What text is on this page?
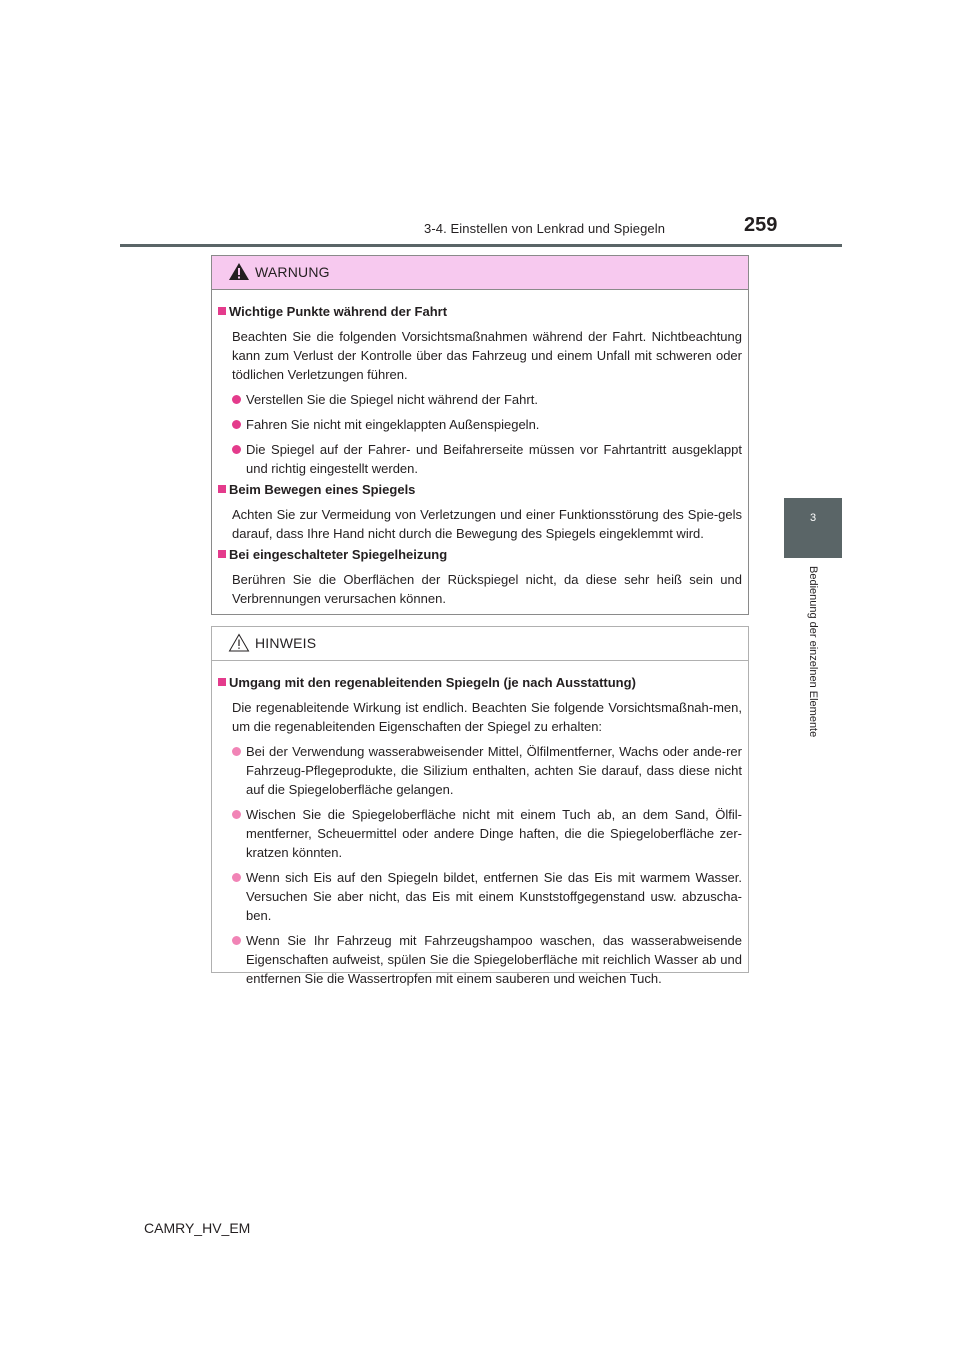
3-4. Einstellen von Lenkrad und Spiegeln	259
3
Bedienung der einzelnen Elemente
WARNUNG
Wichtige Punkte während der Fahrt
Beachten Sie die folgenden Vorsichtsmaßnahmen während der Fahrt. Nichtbeachtung kann zum Verlust der Kontrolle über das Fahrzeug und einem Unfall mit schweren oder tödlichen Verletzungen führen.
Verstellen Sie die Spiegel nicht während der Fahrt.
Fahren Sie nicht mit eingeklappten Außenspiegeln.
Die Spiegel auf der Fahrer- und Beifahrerseite müssen vor Fahrtantritt ausgeklappt und richtig eingestellt werden.
Beim Bewegen eines Spiegels
Achten Sie zur Vermeidung von Verletzungen und einer Funktionsstörung des Spie-gels darauf, dass Ihre Hand nicht durch die Bewegung des Spiegels eingeklemmt wird.
Bei eingeschalteter Spiegelheizung
Berühren Sie die Oberflächen der Rückspiegel nicht, da diese sehr heiß sein und Verbrennungen verursachen können.
HINWEIS
Umgang mit den regenableitenden Spiegeln (je nach Ausstattung)
Die regenableitende Wirkung ist endlich. Beachten Sie folgende Vorsichtsmaßnah-men, um die regenableitenden Eigenschaften der Spiegel zu erhalten:
Bei der Verwendung wasserabweisender Mittel, Ölfilmentferner, Wachs oder ande-rer Fahrzeug-Pflegeprodukte, die Silizium enthalten, achten Sie darauf, dass diese nicht auf die Spiegeloberfläche gelangen.
Wischen Sie die Spiegeloberfläche nicht mit einem Tuch ab, an dem Sand, Ölfil-mentferner, Scheuermittel oder andere Dinge haften, die die Spiegeloberfläche zer-kratzen könnten.
Wenn sich Eis auf den Spiegeln bildet, entfernen Sie das Eis mit warmem Wasser. Versuchen Sie aber nicht, das Eis mit einem Kunststoffgegenstand usw. abzuscha-ben.
Wenn Sie Ihr Fahrzeug mit Fahrzeugshampoo waschen, das wasserabweisende Eigenschaften aufweist, spülen Sie die Spiegeloberfläche mit reichlich Wasser ab und entfernen Sie die Wassertropfen mit einem sauberen und weichen Tuch.
CAMRY_HV_EM
